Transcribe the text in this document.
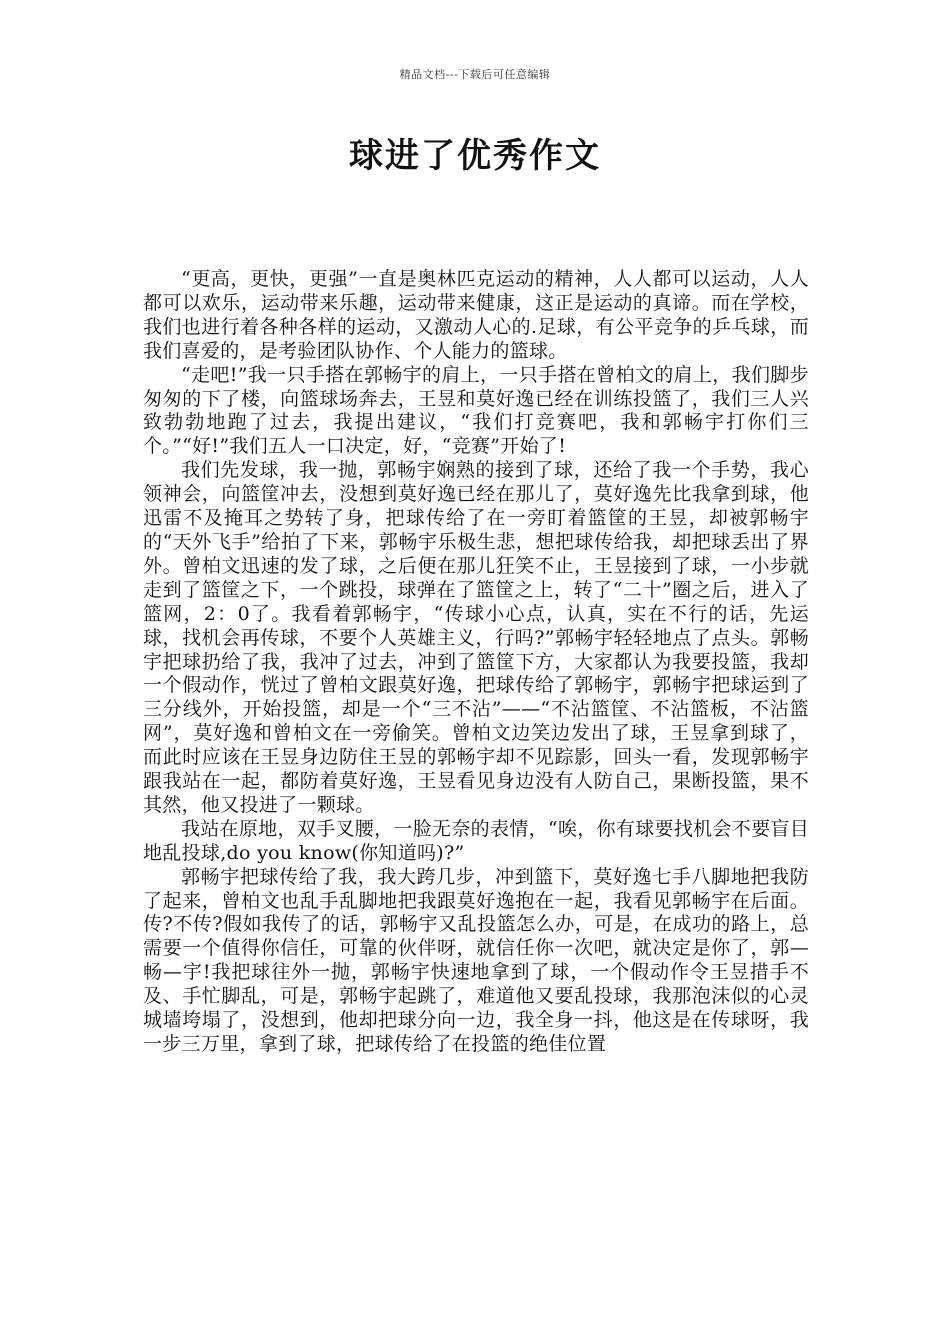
精品文档---下载后可任意编辑
球进了优秀作文

“更高，更快，更强”一直是奥林匹克运动的精神，人人都可以运动，人人都可以欢乐，运动带来乐趣，运动带来健康，这正是运动的真谛。而在学校，我们也进行着各种各样的运动，又激动人心的.足球，有公平竞争的乒乓球，而我们喜爱的，是考验团队协作、个人能力的篮球。

“走吧!”我一只手搭在郭畅宇的肩上，一只手搭在曾柏文的肩上，我们脚步匆匆的下了楼，向篮球场奔去，王昱和莫好逸已经在训练投篮了，我们三人兴致勃勃地跑了过去，我提出建议，“我们打竞赛吧，我和郭畅宇打你们三个。”“好!”我们五人一口决定，好，“竞赛”开始了!

我们先发球，我一抛，郭畅宇娴熟的接到了球，还给了我一个手势，我心领神会，向篮筐冲去，没想到莫好逸已经在那儿了，莫好逸先比我拿到球，他迅雷不及掩耳之势转了身，把球传给了在一旁盯着篮筐的王昱，却被郭畅宇的“天外飞手”给拍了下来，郭畅宇乐极生悲，想把球传给我，却把球丢出了界外。曾柏文迅速的发了球，之后便在那儿狂笑不止，王昱接到了球，一小步就走到了篮筐之下，一个跳投，球弹在了篮筐之上，转了“二十”圈之后，进入了篮网，2：0了。我看着郭畅宇，“传球小心点，认真，实在不行的话，先运球，找机会再传球，不要个人英雄主义，行吗?”郭畅宇轻轻地点了点头。郭畅宇把球扔给了我，我冲了过去，冲到了篮筐下方，大家都认为我要投篮，我却一个假动作，恍过了曾柏文跟莫好逸，把球传给了郭畅宇，郭畅宇把球运到了三分线外，开始投篮，却是一个“三不沾”——“不沾篮筐、不沾篮板，不沾篮网”，莫好逸和曾柏文在一旁偷笑。曾柏文边笑边发出了球，王昱拿到球了，而此时应该在王昱身边防住王昱的郭畅宇却不见踪影，回头一看，发现郭畅宇跟我站在一起，都防着莫好逸，王昱看见身边没有人防自己，果断投篮，果不其然，他又投进了一颗球。

我站在原地，双手叉腰，一脸无奈的表情，“唉，你有球要找机会不要盲目地乱投球,do you know(你知道吗)?”

郭畅宇把球传给了我，我大跨几步，冲到篮下，莫好逸七手八脚地把我防了起来，曾柏文也乱手乱脚地把我跟莫好逸抱在一起，我看见郭畅宇在后面。传?不传?假如我传了的话，郭畅宇又乱投篮怎么办，可是，在成功的路上，总需要一个值得你信任，可靠的伙伴呀，就信任你一次吧，就决定是你了，郭—畅—宇!我把球往外一抛，郭畅宇快速地拿到了球，一个假动作令王昱措手不及、手忙脚乱，可是，郭畅宇起跳了，难道他又要乱投球，我那泡沫似的心灵城墙垮塌了，没想到，他却把球分向一边，我全身一抖，他这是在传球呀，我一步三万里，拿到了球，把球传给了在投篮的绝佳位置
